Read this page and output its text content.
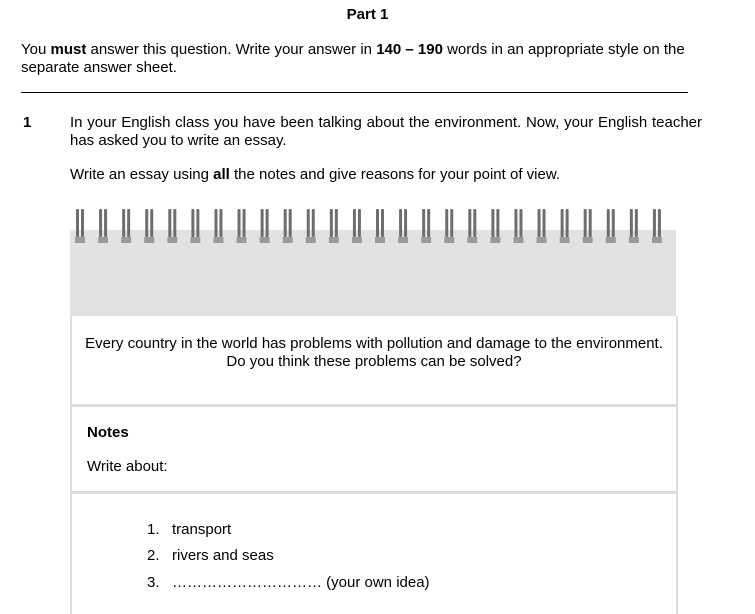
Part 1
You must answer this question. Write your answer in 140 – 190 words in an appropriate style on the separate answer sheet.
1	In your English class you have been talking about the environment. Now, your English teacher has asked you to write an essay.
Write an essay using all the notes and give reasons for your point of view.
Every country in the world has problems with pollution and damage to the environment.
Do you think these problems can be solved?
Notes
Write about:
1. transport
2. rivers and seas
3. ………………………… (your own idea)
